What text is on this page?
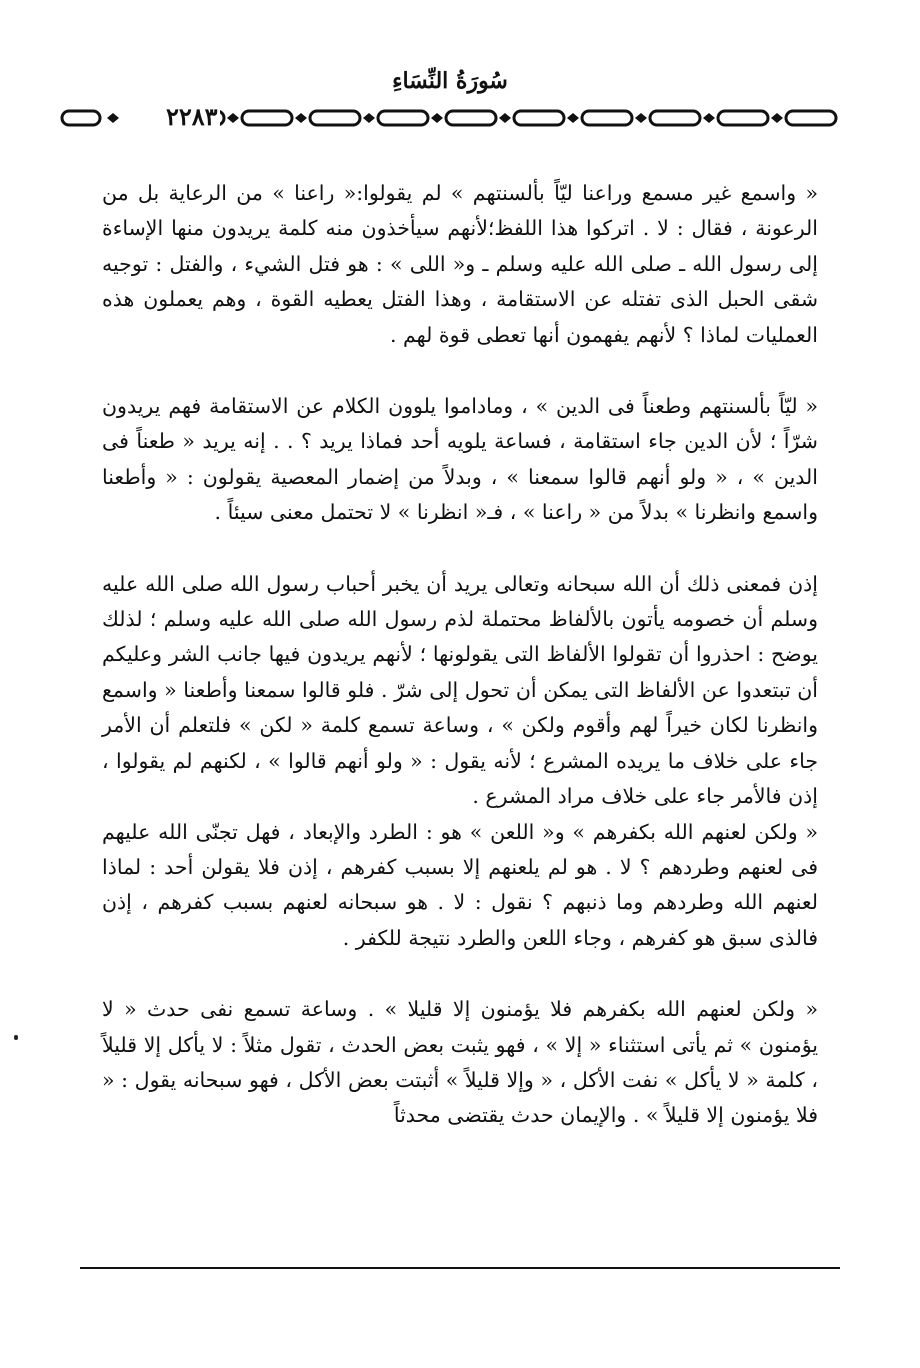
سُورَةُ النِّسَاءِ
٢٢٨٣

« واسمع غير مسمع وراعنا ليّاً بألسنتهم » لم يقولوا:« راعنا » من الرعاية بل من الرعونة ، فقال : لا . اتركوا هذا اللفظ؛لأنهم سيأخذون منه كلمة يريدون منها الإساءة إلى رسول الله ـ صلى الله عليه وسلم ـ و« اللى » : هو فتل الشيء ، والفتل : توجيه شقى الحبل الذى تفتله عن الاستقامة ، وهذا الفتل يعطيه القوة ، وهم يعملون هذه العمليات لماذا ؟ لأنهم يفهمون أنها تعطى قوة لهم .

« ليّاً بألسنتهم وطعناً فى الدين » ، وماداموا يلوون الكلام عن الاستقامة فهم يريدون شرّاً ؛ لأن الدين جاء استقامة ، فساعة يلويه أحد فماذا يريد ؟ . . إنه يريد « طعناً فى الدين » ، « ولو أنهم قالوا سمعنا » ، وبدلاً من إضمار المعصية يقولون : « وأطعنا واسمع وانظرنا » بدلاً من « راعنا » ، فـ« انظرنا » لا تحتمل معنى سيئاً .

إذن فمعنى ذلك أن الله سبحانه وتعالى يريد أن يخبر أحباب رسول الله صلى الله عليه وسلم أن خصومه يأتون بالألفاظ محتملة لذم رسول الله صلى الله عليه وسلم ؛ لذلك يوضح : احذروا أن تقولوا الألفاظ التى يقولونها ؛ لأنهم يريدون فيها جانب الشر وعليكم أن تبتعدوا عن الألفاظ التى يمكن أن تحول إلى شرّ . فلو قالوا سمعنا وأطعنا « واسمع وانظرنا لكان خيراً لهم وأقوم ولكن » ، وساعة تسمع كلمة « لكن » فلتعلم أن الأمر جاء على خلاف ما يريده المشرع ؛ لأنه يقول : « ولو أنهم قالوا » ، لكنهم لم يقولوا ، إذن فالأمر جاء على خلاف مراد المشرع .

« ولكن لعنهم الله بكفرهم » و« اللعن » هو : الطرد والإبعاد ، فهل تجنّى الله عليهم فى لعنهم وطردهم ؟ لا . هو لم يلعنهم إلا بسبب كفرهم ، إذن فلا يقولن أحد : لماذا لعنهم الله وطردهم وما ذنبهم ؟ نقول : لا . هو سبحانه لعنهم بسبب كفرهم ، إذن فالذى سبق هو كفرهم ، وجاء اللعن والطرد نتيجة للكفر .

« ولكن لعنهم الله بكفرهم فلا يؤمنون إلا قليلا » . وساعة تسمع نفى حدث « لا يؤمنون » ثم يأتى استثناء « إلا » ، فهو يثبت بعض الحدث ، تقول مثلاً : لا يأكل إلا قليلاً ، كلمة « لا يأكل » نفت الأكل ، « وإلا قليلاً » أثبتت بعض الأكل ، فهو سبحانه يقول : « فلا يؤمنون إلا قليلاً » . والإيمان حدث يقتضى محدثاً
